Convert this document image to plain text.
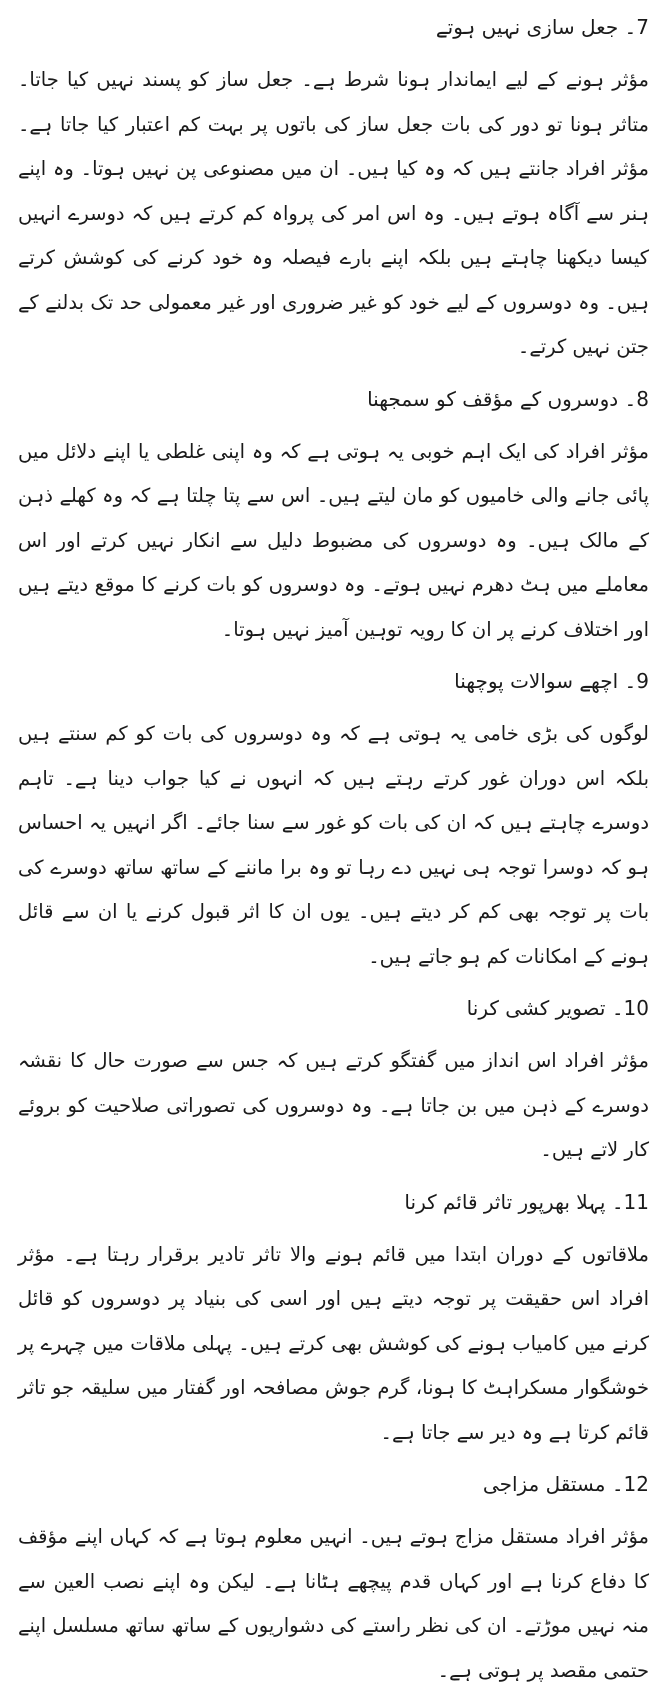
7۔ جعل سازی نہیں ہوتے

مؤثر ہونے کے لیے ایماندار ہونا شرط ہے۔ جعل ساز کو پسند نہیں کیا جاتا۔ متاثر ہونا تو دور کی بات جعل ساز کی باتوں پر بہت کم اعتبار کیا جاتا ہے۔ مؤثر افراد جانتے ہیں کہ وہ کیا ہیں۔ ان میں مصنوعی پن نہیں ہوتا۔ وہ اپنے ہنر سے آگاہ ہوتے ہیں۔ وہ اس امر کی پرواہ کم کرتے ہیں کہ دوسرے انہیں کیسا دیکھنا چاہتے ہیں بلکہ اپنے بارے فیصلہ وہ خود کرنے کی کوشش کرتے ہیں۔ وہ دوسروں کے لیے خود کو غیر ضروری اور غیر معمولی حد تک بدلنے کے جتن نہیں کرتے۔

8۔ دوسروں کے مؤقف کو سمجھنا

مؤثر افراد کی ایک اہم خوبی یہ ہوتی ہے کہ وہ اپنی غلطی یا اپنے دلائل میں پائی جانے والی خامیوں کو مان لیتے ہیں۔ اس سے پتا چلتا ہے کہ وہ کھلے ذہن کے مالک ہیں۔ وہ دوسروں کی مضبوط دلیل سے انکار نہیں کرتے اور اس معاملے میں ہٹ دھرم نہیں ہوتے۔ وہ دوسروں کو بات کرنے کا موقع دیتے ہیں اور اختلاف کرنے پر ان کا رویہ توہین آمیز نہیں ہوتا۔

9۔ اچھے سوالات پوچھنا

لوگوں کی بڑی خامی یہ ہوتی ہے کہ وہ دوسروں کی بات کو کم سنتے ہیں بلکہ اس دوران غور کرتے رہتے ہیں کہ انہوں نے کیا جواب دینا ہے۔ تاہم دوسرے چاہتے ہیں کہ ان کی بات کو غور سے سنا جائے۔ اگر انہیں یہ احساس ہو کہ دوسرا توجہ ہی نہیں دے رہا تو وہ برا ماننے کے ساتھ ساتھ دوسرے کی بات پر توجہ بھی کم کر دیتے ہیں۔ یوں ان کا اثر قبول کرنے یا ان سے قائل ہونے کے امکانات کم ہو جاتے ہیں۔

10۔ تصویر کشی کرنا

مؤثر افراد اس انداز میں گفتگو کرتے ہیں کہ جس سے صورت حال کا نقشہ دوسرے کے ذہن میں بن جاتا ہے۔ وہ دوسروں کی تصوراتی صلاحیت کو بروئے کار لاتے ہیں۔

11۔ پہلا بھرپور تاثر قائم کرنا

ملاقاتوں کے دوران ابتدا میں قائم ہونے والا تاثر تادیر برقرار رہتا ہے۔ مؤثر افراد اس حقیقت پر توجہ دیتے ہیں اور اسی کی بنیاد پر دوسروں کو قائل کرنے میں کامیاب ہونے کی کوشش بھی کرتے ہیں۔ پہلی ملاقات میں چہرے پر خوشگوار مسکراہٹ کا ہونا، گرم جوش مصافحہ اور گفتار میں سلیقہ جو تاثر قائم کرتا ہے وہ دیر سے جاتا ہے۔

12۔ مستقل مزاجی

مؤثر افراد مستقل مزاج ہوتے ہیں۔ انہیں معلوم ہوتا ہے کہ کہاں اپنے مؤقف کا دفاع کرنا ہے اور کہاں قدم پیچھے ہٹانا ہے۔ لیکن وہ اپنے نصب العین سے منہ نہیں موڑتے۔ ان کی نظر راستے کی دشواریوں کے ساتھ ساتھ مسلسل اپنے حتمی مقصد پر ہوتی ہے۔
